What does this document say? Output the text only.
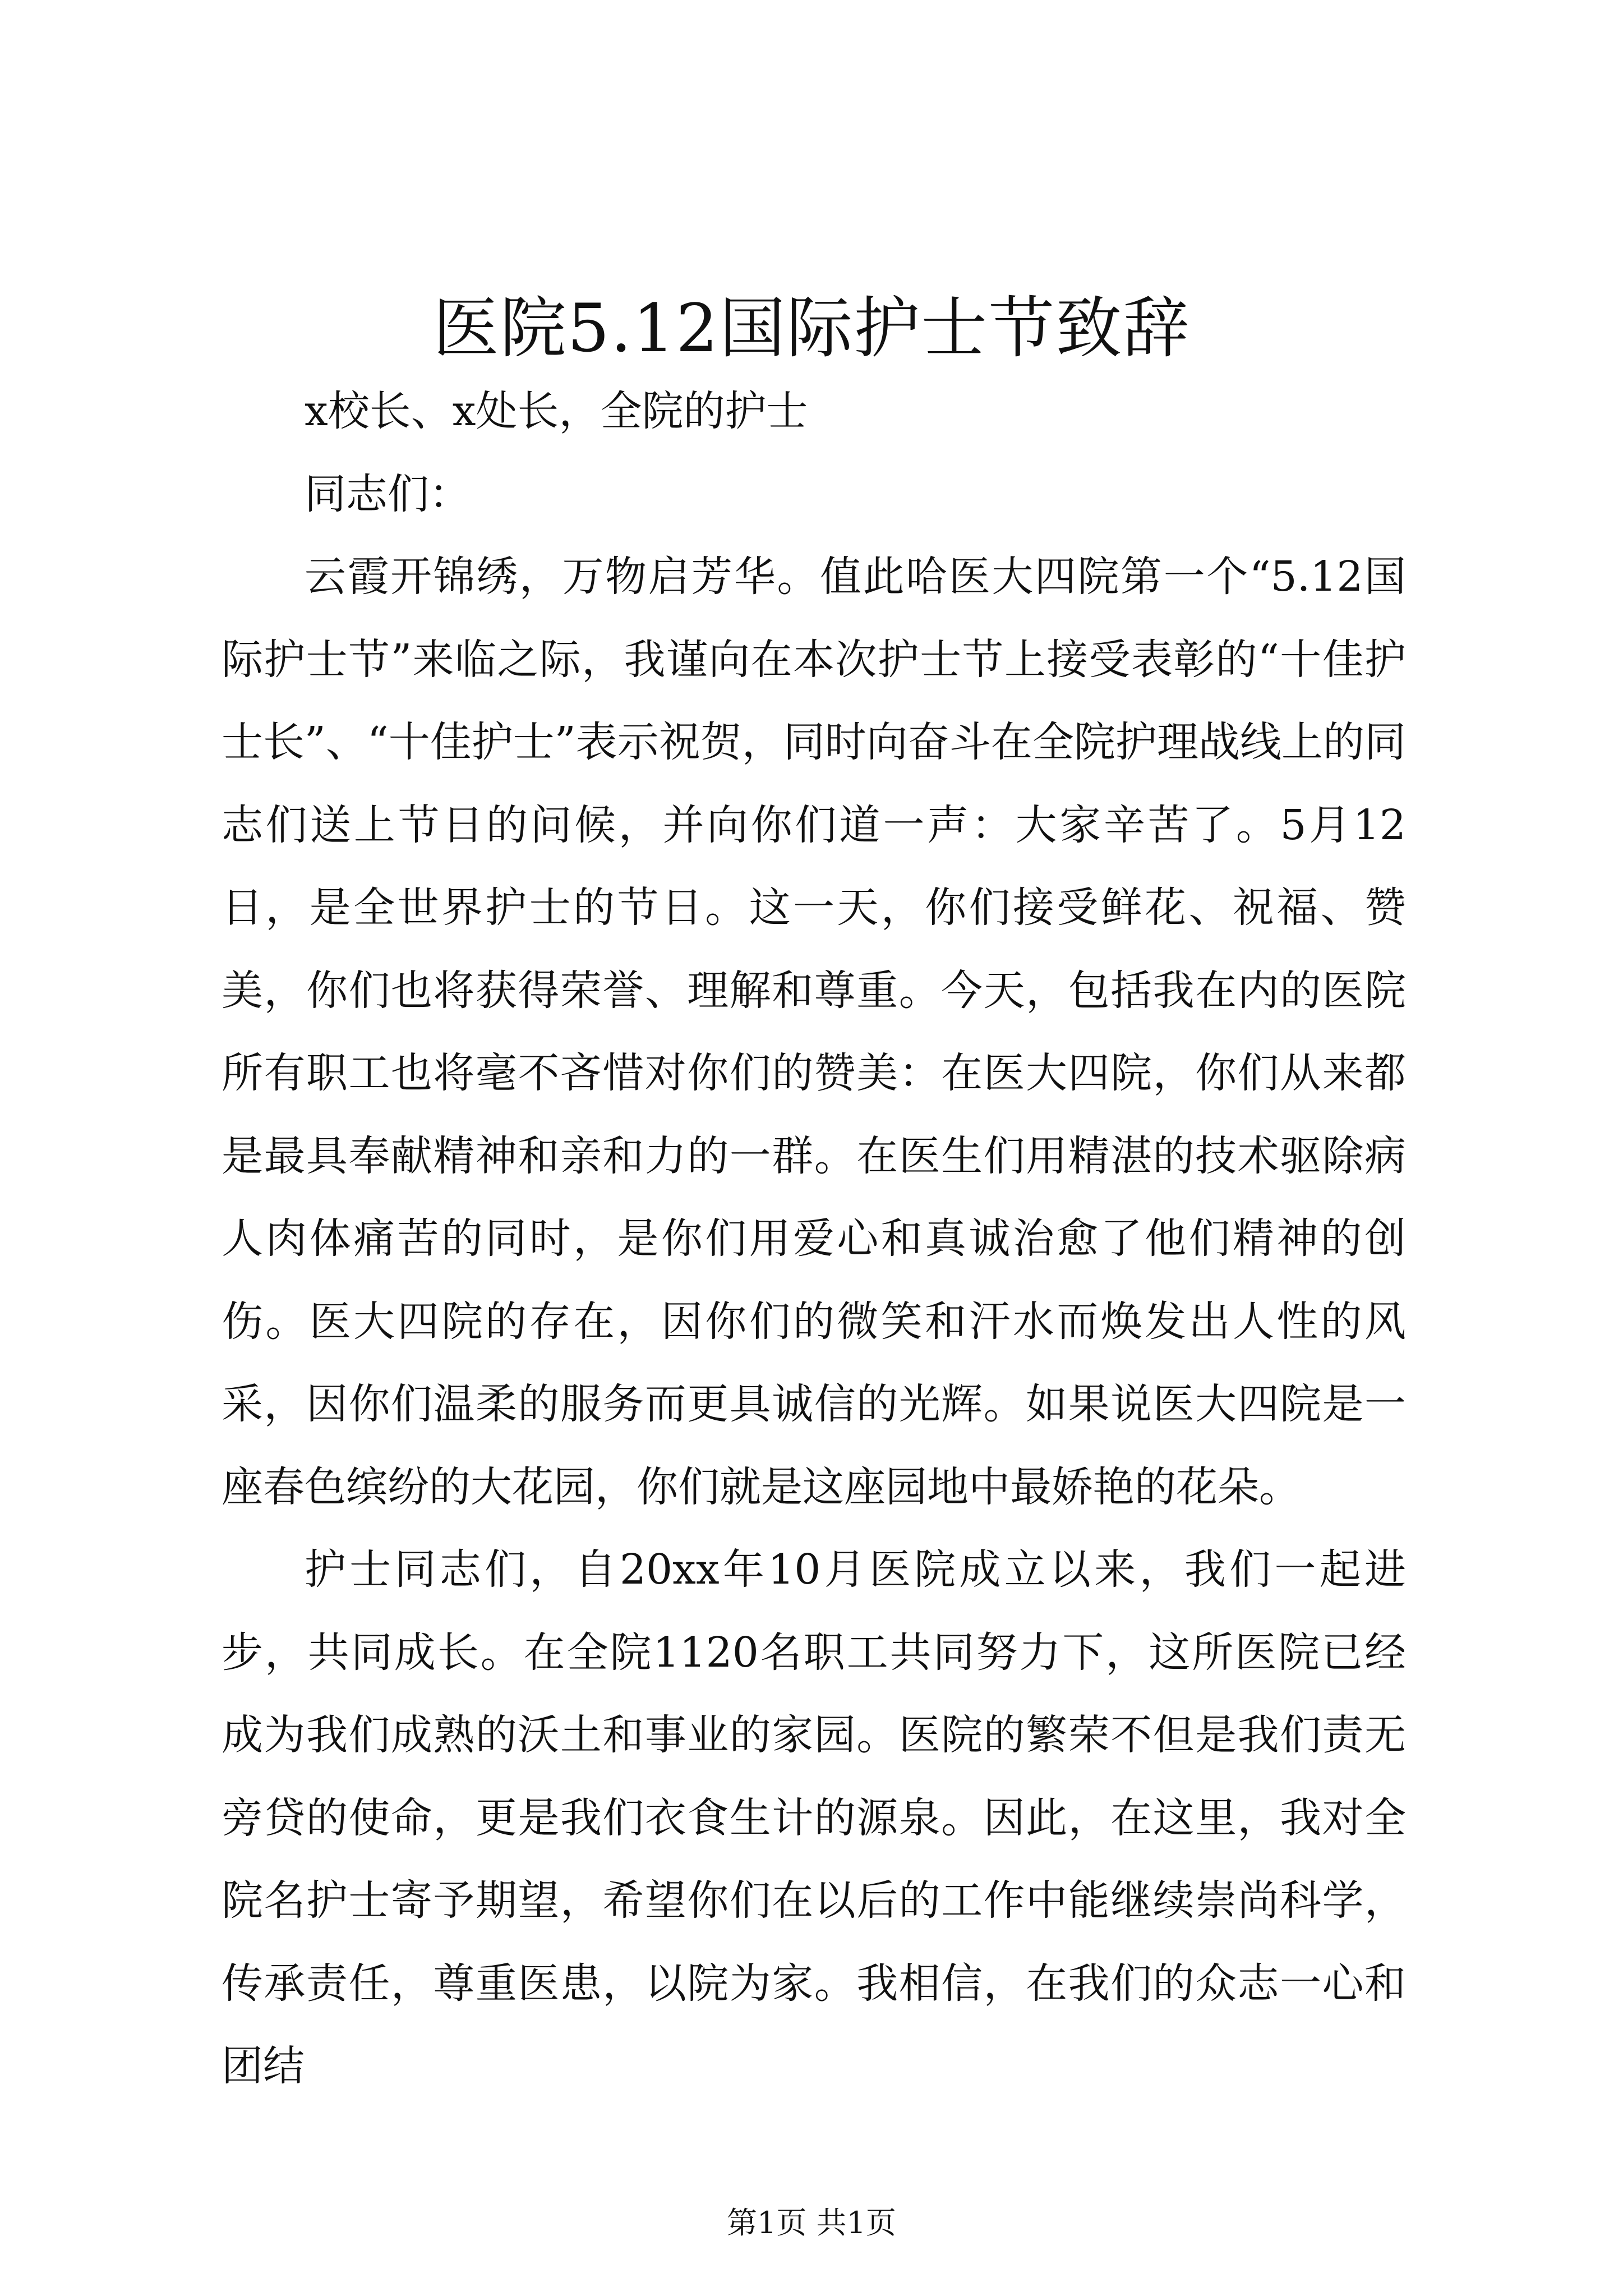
医院5.12国际护士节致辞

x校长、x处长，全院的护士

同志们：

云霞开锦绣，万物启芳华。值此哈医大四院第一个“5.12国际护士节”来临之际，我谨向在本次护士节上接受表彰的“十佳护士长”、“十佳护士”表示祝贺，同时向奋斗在全院护理战线上的同志们送上节日的问候，并向你们道一声：大家辛苦了。5月12日，是全世界护士的节日。这一天，你们接受鲜花、祝福、赞美，你们也将获得荣誉、理解和尊重。今天，包括我在内的医院所有职工也将毫不吝惜对你们的赞美：在医大四院，你们从来都是最具奉献精神和亲和力的一群。在医生们用精湛的技术驱除病人肉体痛苦的同时，是你们用爱心和真诚治愈了他们精神的创伤。医大四院的存在，因你们的微笑和汗水而焕发出人性的风采，因你们温柔的服务而更具诚信的光辉。如果说医大四院是一座春色缤纷的大花园，你们就是这座园地中最娇艳的花朵。

护士同志们，自20xx年10月医院成立以来，我们一起进步，共同成长。在全院1120名职工共同努力下，这所医院已经成为我们成熟的沃土和事业的家园。医院的繁荣不但是我们责无旁贷的使命，更是我们衣食生计的源泉。因此，在这里，我对全院名护士寄予期望，希望你们在以后的工作中能继续崇尚科学，传承责任，尊重医患，以院为家。我相信，在我们的众志一心和团结

第1页 共1页
